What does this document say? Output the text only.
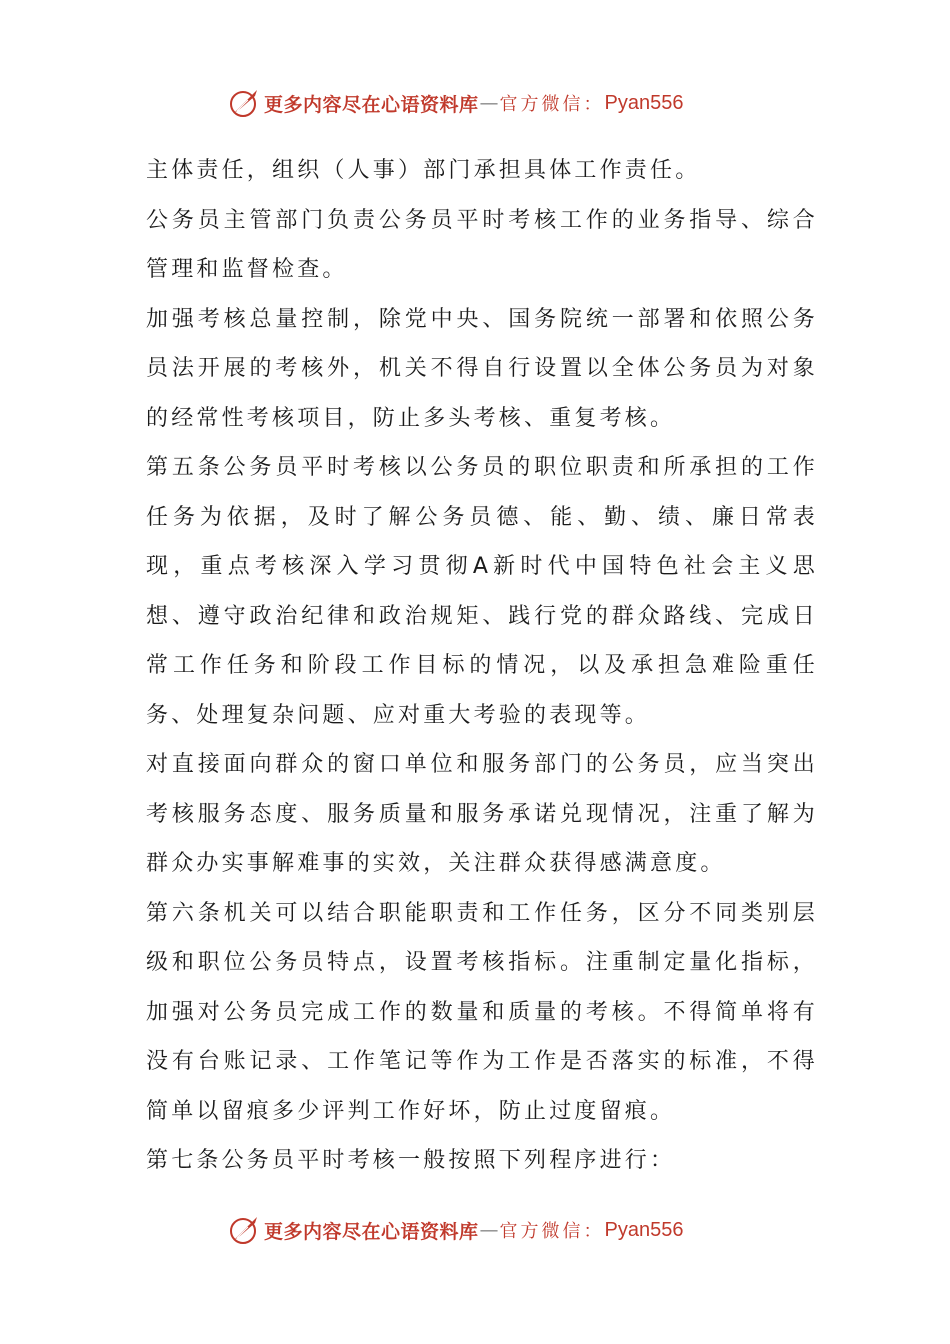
更多内容尽在心语资料库 — 官方微信： Pyan556

主体责任，组织（人事）部门承担具体工作责任。

公务员主管部门负责公务员平时考核工作的业务指导、综合管理和监督检查。

加强考核总量控制，除党中央、国务院统一部署和依照公务员法开展的考核外，机关不得自行设置以全体公务员为对象的经常性考核项目，防止多头考核、重复考核。

第五条公务员平时考核以公务员的职位职责和所承担的工作任务为依据，及时了解公务员德、能、勤、绩、廉日常表现，重点考核深入学习贯彻A新时代中国特色社会主义思想、遵守政治纪律和政治规矩、践行党的群众路线、完成日常工作任务和阶段工作目标的情况，以及承担急难险重任务、处理复杂问题、应对重大考验的表现等。

对直接面向群众的窗口单位和服务部门的公务员，应当突出考核服务态度、服务质量和服务承诺兑现情况，注重了解为群众办实事解难事的实效，关注群众获得感满意度。

第六条机关可以结合职能职责和工作任务，区分不同类别层级和职位公务员特点，设置考核指标。注重制定量化指标，加强对公务员完成工作的数量和质量的考核。不得简单将有没有台账记录、工作笔记等作为工作是否落实的标准，不得简单以留痕多少评判工作好坏，防止过度留痕。

第七条公务员平时考核一般按照下列程序进行：

更多内容尽在心语资料库 — 官方微信： Pyan556
